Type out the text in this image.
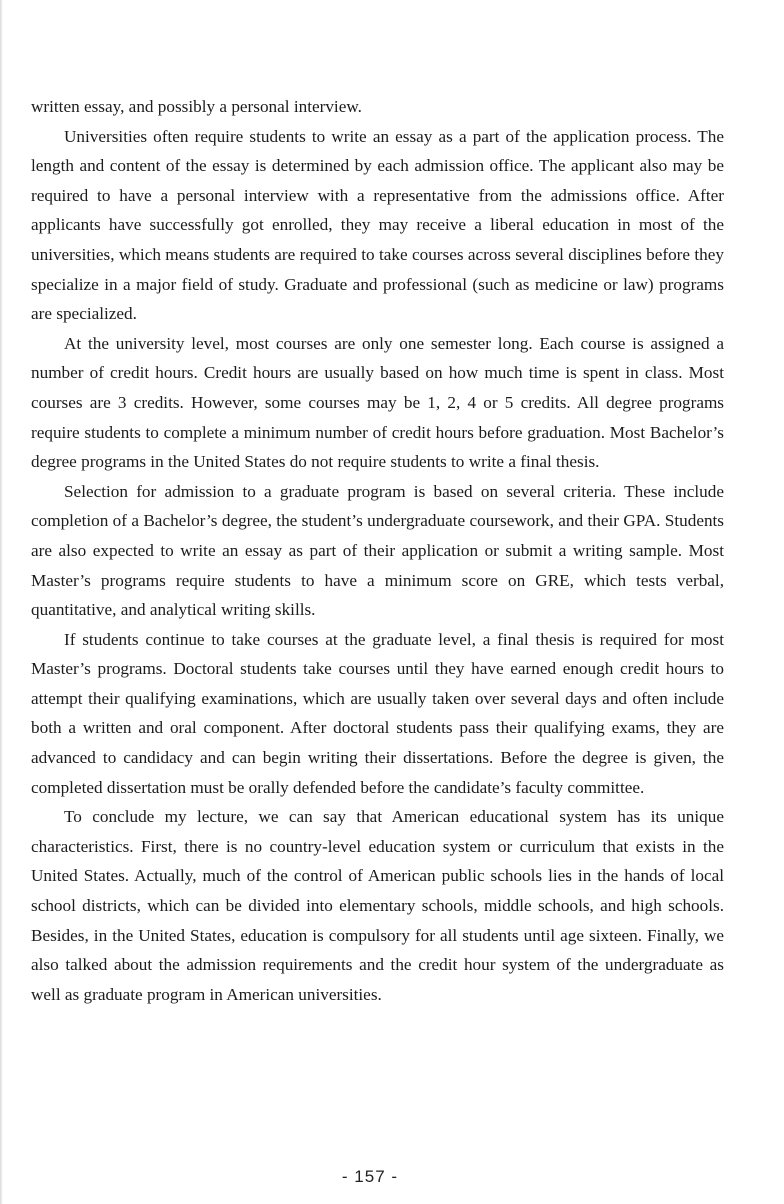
written essay, and possibly a personal interview.

Universities often require students to write an essay as a part of the application process. The length and content of the essay is determined by each admission office. The applicant also may be required to have a personal interview with a representative from the admissions office. After applicants have successfully got enrolled, they may receive a liberal education in most of the universities, which means students are required to take courses across several disciplines before they specialize in a major field of study. Graduate and professional (such as medicine or law) programs are specialized.

At the university level, most courses are only one semester long. Each course is assigned a number of credit hours. Credit hours are usually based on how much time is spent in class. Most courses are 3 credits. However, some courses may be 1, 2, 4 or 5 credits. All degree programs require students to complete a minimum number of credit hours before graduation. Most Bachelor’s degree programs in the United States do not require students to write a final thesis.

Selection for admission to a graduate program is based on several criteria. These include completion of a Bachelor’s degree, the student’s undergraduate coursework, and their GPA. Students are also expected to write an essay as part of their application or submit a writing sample. Most Master’s programs require students to have a minimum score on GRE, which tests verbal, quantitative, and analytical writing skills.

If students continue to take courses at the graduate level, a final thesis is required for most Master’s programs. Doctoral students take courses until they have earned enough credit hours to attempt their qualifying examinations, which are usually taken over several days and often include both a written and oral component. After doctoral students pass their qualifying exams, they are advanced to candidacy and can begin writing their dissertations. Before the degree is given, the completed dissertation must be orally defended before the candidate’s faculty committee.

To conclude my lecture, we can say that American educational system has its unique characteristics. First, there is no country-level education system or curriculum that exists in the United States. Actually, much of the control of American public schools lies in the hands of local school districts, which can be divided into elementary schools, middle schools, and high schools. Besides, in the United States, education is compulsory for all students until age sixteen. Finally, we also talked about the admission requirements and the credit hour system of the undergraduate as well as graduate program in American universities.

- 157 -
